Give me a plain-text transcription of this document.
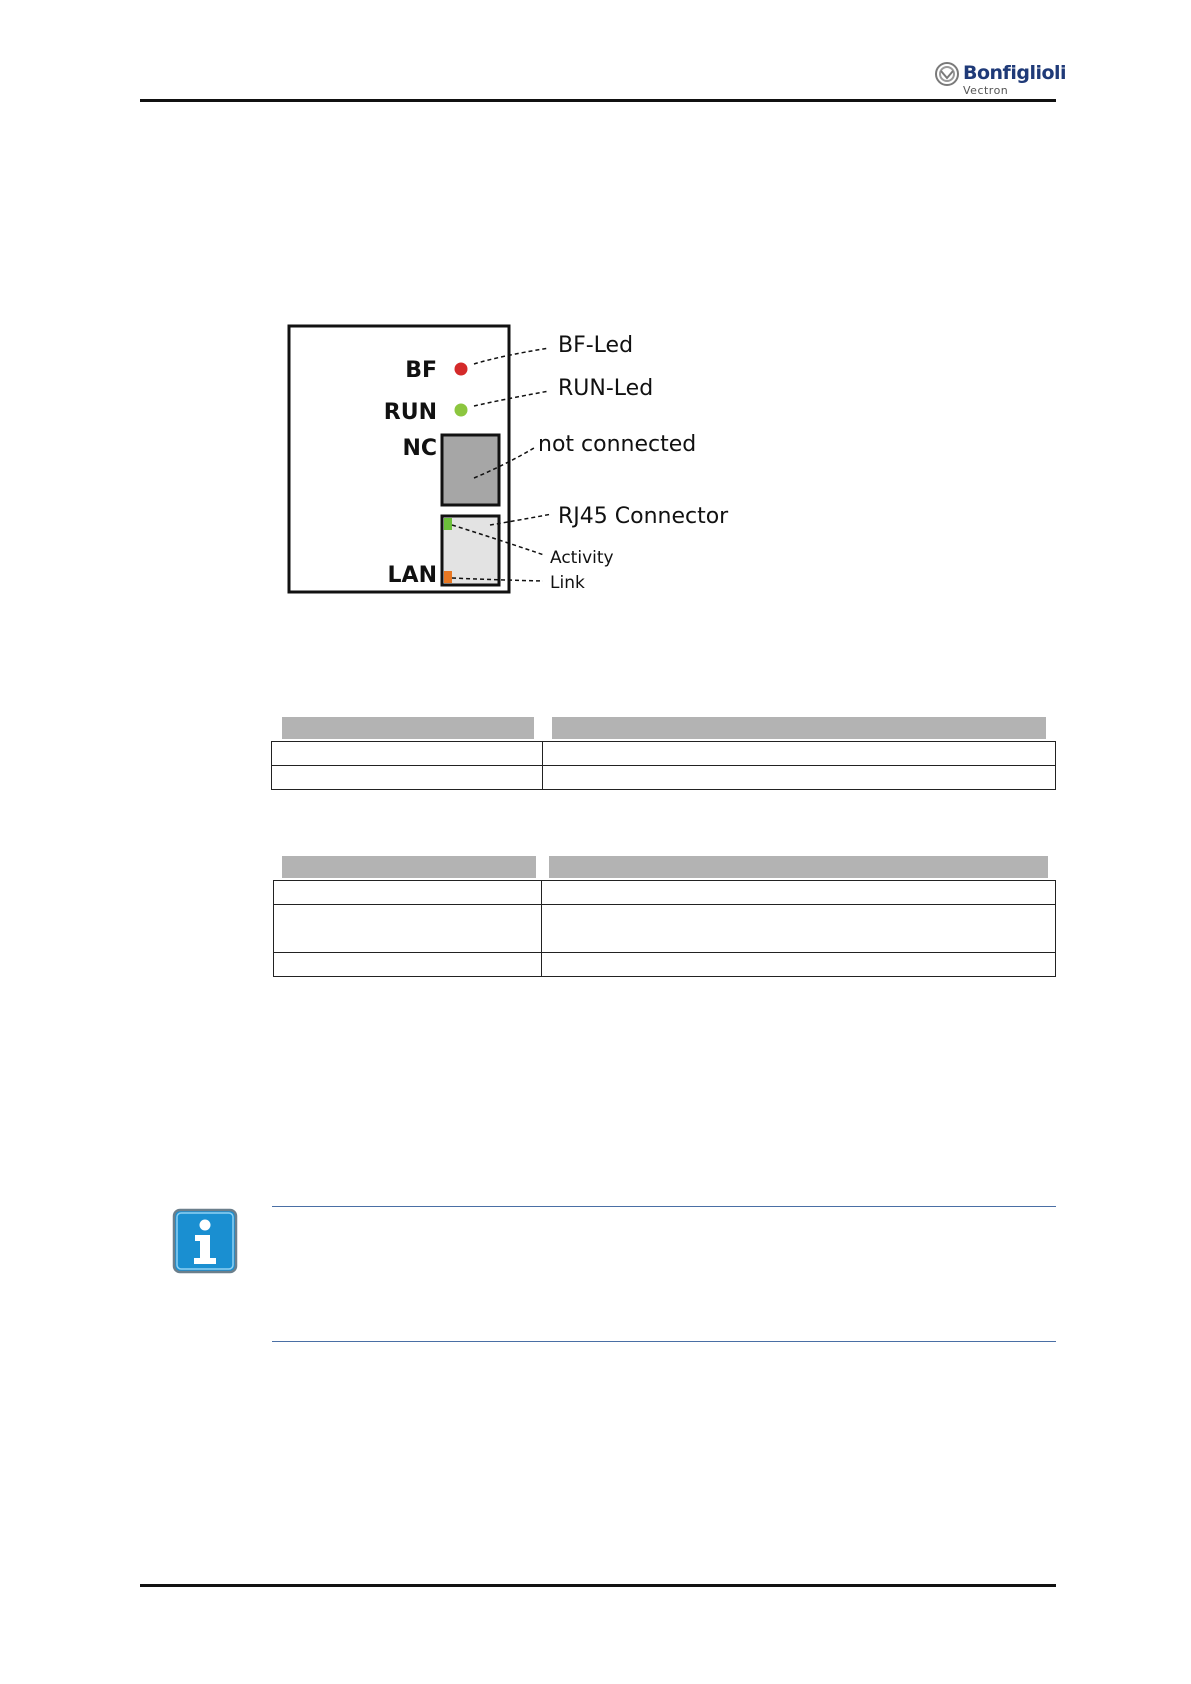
Bonfiglioli
Vectron
BF
RUN
NC
LAN
BF-Led
RUN-Led
not connected
RJ45 Connector
Activity
Link
